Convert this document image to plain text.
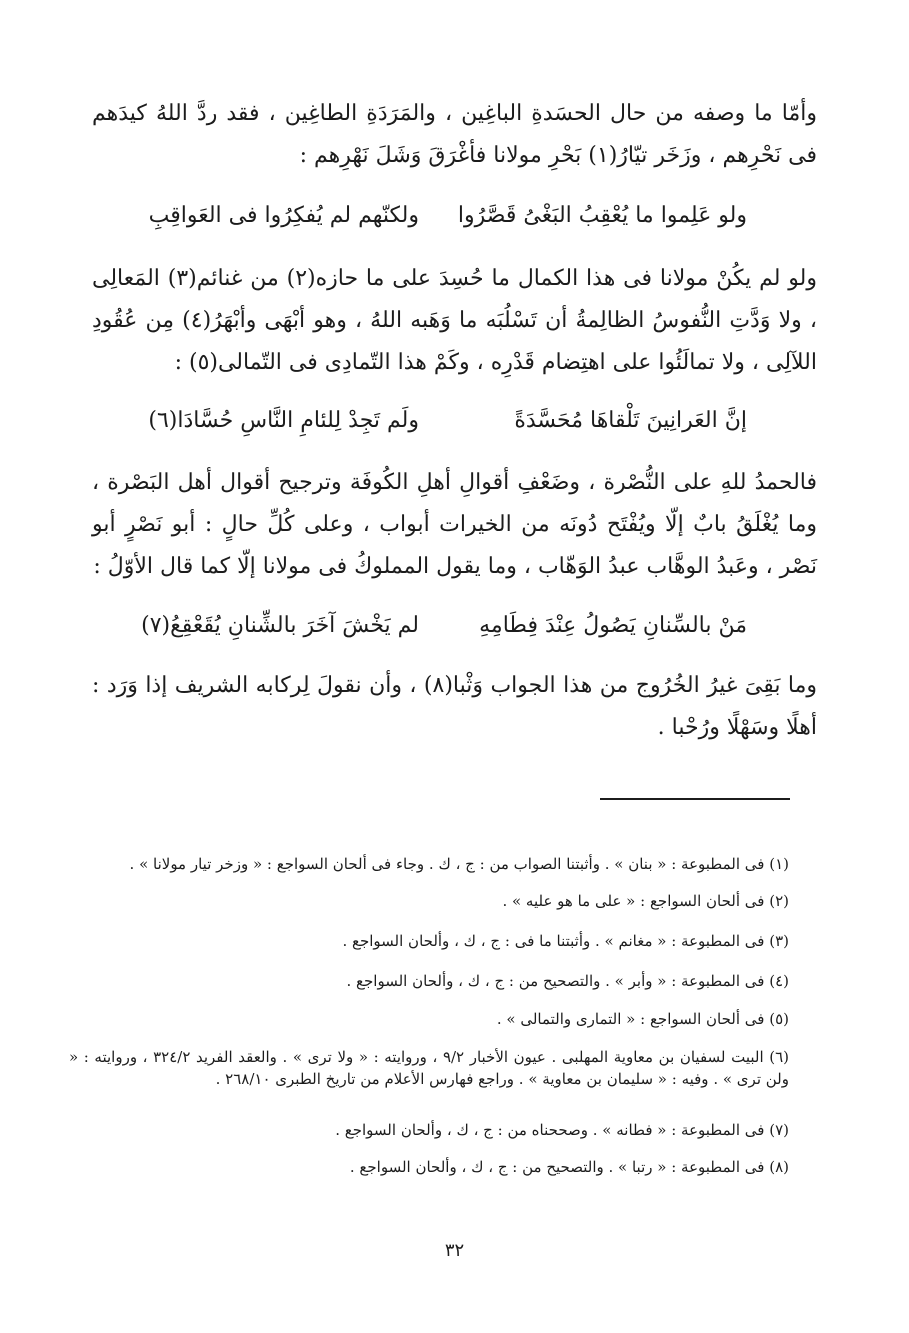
وأمّا ما وصفه من حال الحسَدةِ الباغِين ، والمَرَدَةِ الطاغِين ، فقد ردَّ اللهُ كيدَهم فى نَحْرِهم ، وزَخَر تيّارُ(١) بَحْرِ مولانا فأغْرَقَ وَشَلَ نَهْرِهم :

ولو عَلِموا ما يُعْقِبُ البَغْىُ قَصَّرُوا
ولكنّهم لم يُفكِرُوا فى العَواقِبِ

ولو لم يكُنْ مولانا فى هذا الكمال ما حُسِدَ على ما حازه(٢) من غنائم(٣) المَعالِى ، ولا وَدَّتِ النُّفوسُ الظالِمةُ أن تَسْلُبَه ما وَهَبه اللهُ ، وهو أبْهَى وأبْهَرُ(٤) مِن عُقُودِ اللآلِى ، ولا تمالَئُوا على اهتِضام قَدْرِه ، وكَمْ هذا التّمادِى فى التّمالى(٥) :

إنَّ العَرانِينَ تَلْقاهَا مُحَسَّدَةً
ولَم تَجِدْ لِلئامِ النَّاسِ حُسَّادَا(٦)

فالحمدُ للهِ على النُّصْرة ، وضَعْفِ أقوالِ أهلِ الكُوفَة وترجيح أقوال أهل البَصْرة ، وما يُغْلَقُ بابٌ إلّا ويُفْتَح دُونَه من الخيرات أبواب ، وعلى كُلِّ حالٍ : أبو نَصْرٍ أبو نَصْر ، وعَبدُ الوهَّاب عبدُ الوَهّاب ، وما يقول المملوكُ فى مولانا إلّا كما قال الأوّلُ :

مَنْ بالسِّنانِ يَصُولُ عِنْدَ فِطَامِهِ
لم يَخْشَ آخَرَ بالشِّنانِ يُقَعْقِعُ(٧)

وما بَقِىَ غيرُ الخُرُوج من هذا الجواب وَثْبا(٨) ، وأن نقولَ لِركابه الشريف إذا وَرَد : أهلًا وسَهْلًا ورُحْبا .

(١) فى المطبوعة : « بنان » . وأثبتنا الصواب من : ج ، ك . وجاء فى ألحان السواجع : « وزخر تيار مولانا » .

(٢) فى ألحان السواجع : « على ما هو عليه » .

(٣) فى المطبوعة : « مغانم » . وأثبتنا ما فى : ج ، ك ، وألحان السواجع .

(٤) فى المطبوعة : « وأبر » . والتصحيح من : ج ، ك ، وألحان السواجع .

(٥) فى ألحان السواجع : « التمارى والتمالى » .

(٦) البيت لسفيان بن معاوية المهلبى . عيون الأخبار ٩/٢ ، وروايته : « ولا ترى » . والعقد الفريد ٣٢٤/٢ ، وروايته : « ولن ترى » . وفيه : « سليمان بن معاوية » . وراجع فهارس الأعلام من تاريخ الطبرى ٢٦٨/١٠ .

(٧) فى المطبوعة : « فطانه » . وصححناه من : ج ، ك ، وألحان السواجع .

(٨) فى المطبوعة : « رتبا » . والتصحيح من : ج ، ك ، وألحان السواجع .

٣٢
